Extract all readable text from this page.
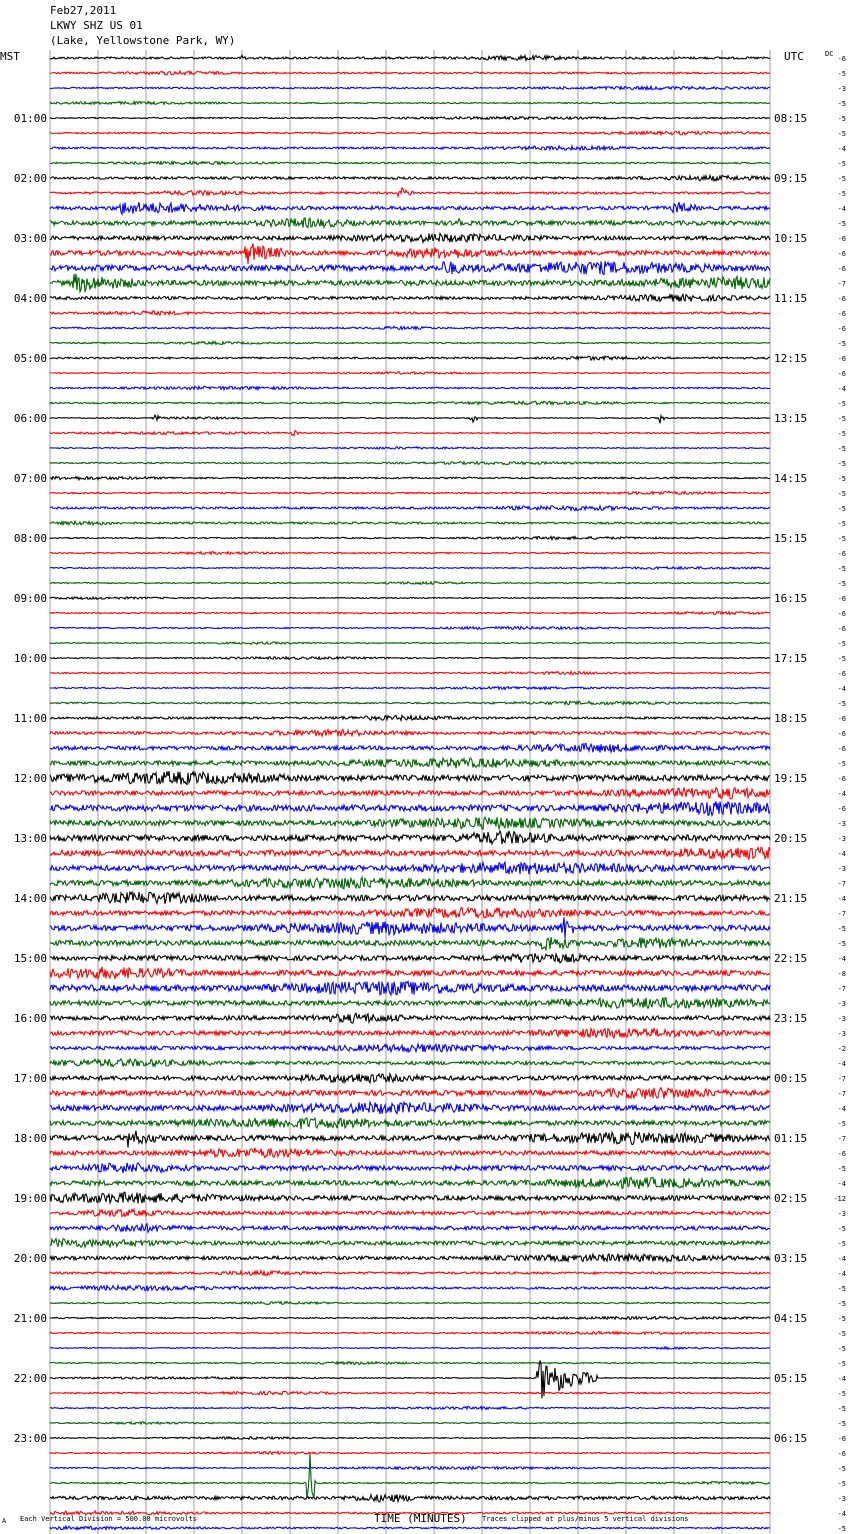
-6
-5
-3
-5
-5
01:00	08:15
-5
-4
-5
-5
02:00	09:15
-5
-4
-5
-6
03:00	10:15
-6
-6
-7
-6
04:00	11:15
-6
-6
-5
-6
05:00	12:15
-6
-4
-5
-5
06:00	13:15
-5
-5
-5
-5
07:00	14:15
-5
-5
-5
-5
08:00	15:15
-6
-5
-5
-6
09:00	16:15
-6
-6
-5
-5
10:00	17:15
-6
-4
-5
-6
11:00	18:15
-6
-6
-5
-6
12:00	19:15
-4
-6
-3
-3
13:00	20:15
-4
-3
-7
-4
14:00	21:15
-7
-5
-5
-4
15:00	22:15
-8
-7
-3
-3
16:00	23:15
-3
-2
-4
-7
17:00	00:15
-7
-4
-5
-7
18:00	01:15
-6
-5
-4
-12
19:00	02:15
-3
-5
-5
-4
20:00	03:15
-4
-5
-5
-5
21:00	04:15
-5
-5
-5
-4
22:00	05:15
-5
-5
-5
-6
23:00	06:15
-6
-5
-5
-3
-4
-5
Feb27,2011
LKWY SHZ US 01
(Lake, Yellowstone Park, WY)
MST	UTC	DC
A Each Vertical Division = 500.00 microvolts	TIME (MINUTES) Traces clipped at plus/minus 5 vertical divisions
